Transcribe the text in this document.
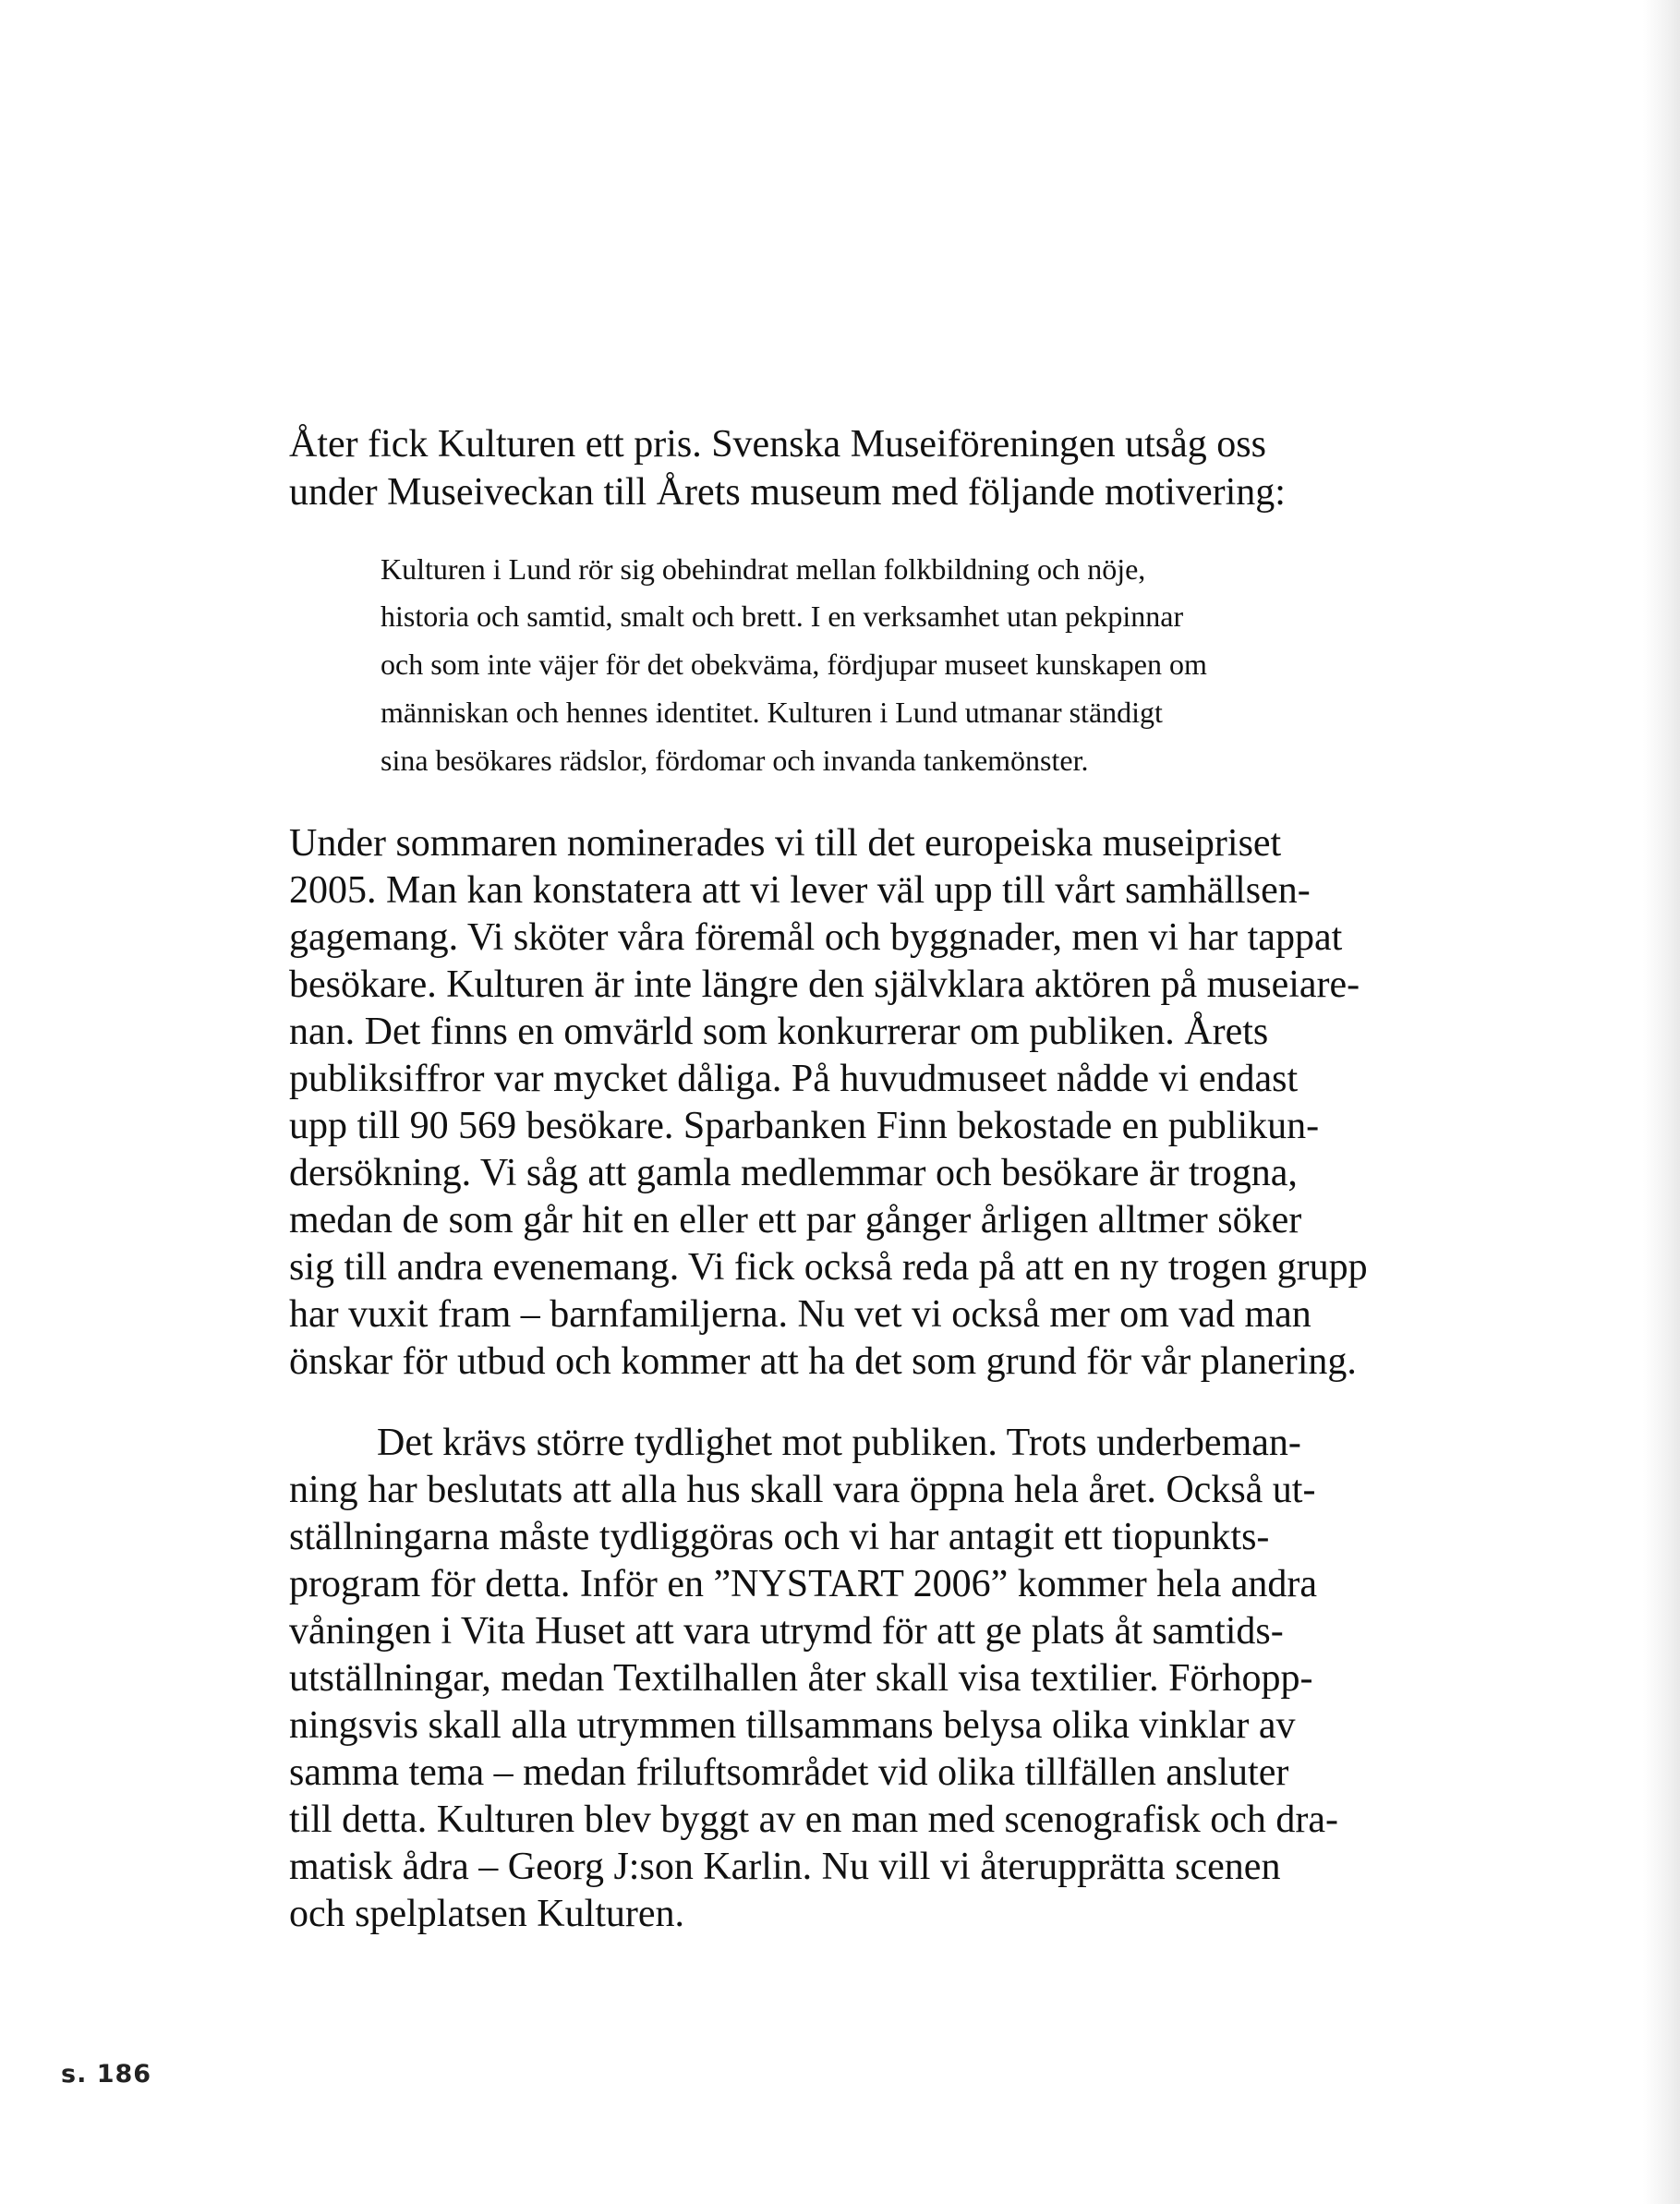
Åter fick Kulturen ett pris. Svenska Museiföreningen utsåg oss
under Museiveckan till Årets museum med följande motivering:
Kulturen i Lund rör sig obehindrat mellan folkbildning och nöje,
historia och samtid, smalt och brett. I en verksamhet utan pekpinnar
och som inte väjer för det obekväma, fördjupar museet kunskapen om
människan och hennes identitet. Kulturen i Lund utmanar ständigt
sina besökares rädslor, fördomar och invanda tankemönster.
Under sommaren nominerades vi till det europeiska museipriset
2005. Man kan konstatera att vi lever väl upp till vårt samhällsen-
gagemang. Vi sköter våra föremål och byggnader, men vi har tappat
besökare. Kulturen är inte längre den självklara aktören på museiare-
nan. Det finns en omvärld som konkurrerar om publiken. Årets
publiksiffror var mycket dåliga. På huvudmuseet nådde vi endast
upp till 90 569 besökare. Sparbanken Finn bekostade en publikun-
dersökning. Vi såg att gamla medlemmar och besökare är trogna,
medan de som går hit en eller ett par gånger årligen alltmer söker
sig till andra evenemang. Vi fick också reda på att en ny trogen grupp
har vuxit fram – barnfamiljerna. Nu vet vi också mer om vad man
önskar för utbud och kommer att ha det som grund för vår planering.
Det krävs större tydlighet mot publiken. Trots underbeman-
ning har beslutats att alla hus skall vara öppna hela året. Också ut-
ställningarna måste tydliggöras och vi har antagit ett tiopunkts-
program för detta. Inför en ”NYSTART 2006” kommer hela andra
våningen i Vita Huset att vara utrymd för att ge plats åt samtids-
utställningar, medan Textilhallen åter skall visa textilier. Förhopp-
ningsvis skall alla utrymmen tillsammans belysa olika vinklar av
samma tema – medan friluftsområdet vid olika tillfällen ansluter
till detta. Kulturen blev byggt av en man med scenografisk och dra-
matisk ådra – Georg J:son Karlin. Nu vill vi återupprätta scenen
och spelplatsen Kulturen.
s. 186
